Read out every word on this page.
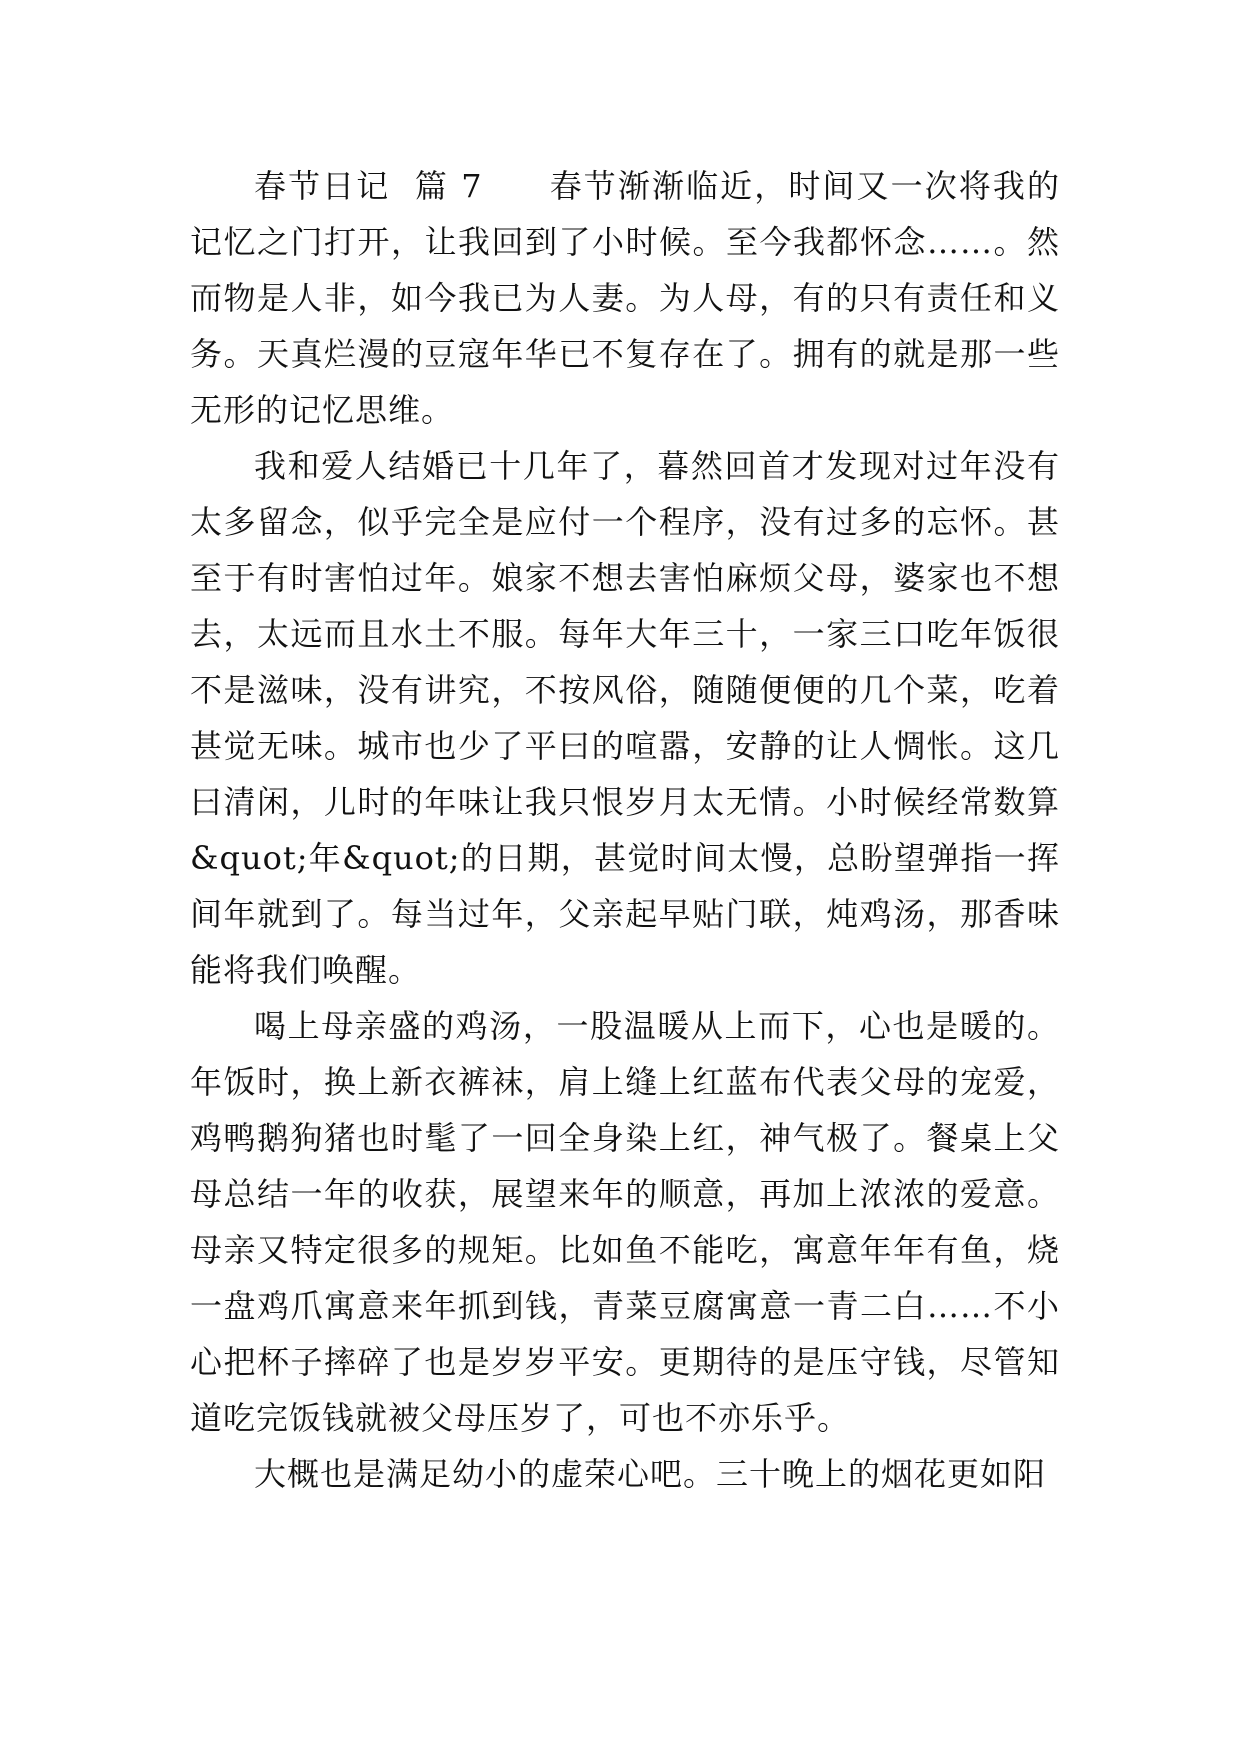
春节日记  篇 7   春节渐渐临近，时间又一次将我的记忆之门打开，让我回到了小时候。至今我都怀念……。然而物是人非，如今我已为人妻。为人母，有的只有责任和义务。天真烂漫的豆寇年华已不复存在了。拥有的就是那一些无形的记忆思维。

我和爱人结婚已十几年了，暮然回首才发现对过年没有太多留念，似乎完全是应付一个程序，没有过多的忘怀。甚至于有时害怕过年。娘家不想去害怕麻烦父母，婆家也不想去，太远而且水土不服。每年大年三十，一家三口吃年饭很不是滋味，没有讲究，不按风俗，随随便便的几个菜，吃着甚觉无味。城市也少了平曰的喧嚣，安静的让人惆怅。这几曰清闲，儿时的年味让我只恨岁月太无情。小时候经常数算&quot;年&quot;的日期，甚觉时间太慢，总盼望弹指一挥间年就到了。每当过年，父亲起早贴门联，炖鸡汤，那香味能将我们唤醒。

喝上母亲盛的鸡汤，一股温暖从上而下，心也是暖的。年饭时，换上新衣裤袜，肩上缝上红蓝布代表父母的宠爱，鸡鸭鹅狗猪也时髦了一回全身染上红，神气极了。餐桌上父母总结一年的收获，展望来年的顺意，再加上浓浓的爱意。母亲又特定很多的规矩。比如鱼不能吃，寓意年年有鱼，烧一盘鸡爪寓意来年抓到钱，青菜豆腐寓意一青二白……不小心把杯子摔碎了也是岁岁平安。更期待的是压守钱，尽管知道吃完饭钱就被父母压岁了，可也不亦乐乎。

大概也是满足幼小的虚荣心吧。三十晚上的烟花更如阳
